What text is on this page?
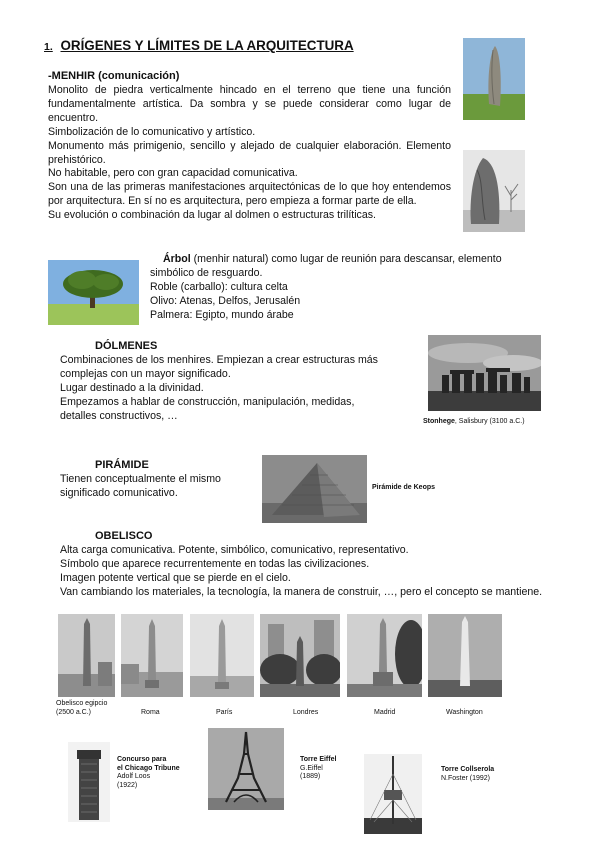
1. ORÍGENES Y LÍMITES DE LA ARQUITECTURA
-MENHIR (comunicación)

Monolito de piedra verticalmente hincado en el terreno que tiene una función fundamentalmente artística. Da sombra y se puede considerar como lugar de encuentro.

Simbolización de lo comunicativo y artístico.

Monumento más primigenio, sencillo y alejado de cualquier elaboración. Elemento prehistórico.

No habitable, pero con gran capacidad comunicativa.

Son una de las primeras manifestaciones arquitectónicas de lo que hoy entendemos por arquitectura. En sí no es arquitectura, pero empieza a formar parte de ella.

Su evolución o combinación da lugar al dolmen o estructuras trilíticas.

Árbol (menhir natural) como lugar de reunión para descansar, elemento simbólico de resguardo.

Roble (carballo): cultura celta

Olivo: Atenas, Delfos, Jerusalén

Palmera: Egipto, mundo árabe

DÓLMENES

Combinaciones de los menhires. Empiezan a crear estructuras más complejas con un mayor significado.

Lugar destinado a la divinidad.

Empezamos a hablar de construcción, manipulación, medidas, detalles constructivos, …	Stonhege, Salisbury (3100 a.C.)
PIRÁMIDE

Tienen conceptualmente el mismo significado comunicativo.	Pirámide de Keops
OBELISCO

Alta carga comunicativa. Potente, simbólico, comunicativo, representativo.

Símbolo que aparece recurrentemente en todas las civilizaciones.

Imagen potente vertical que se pierde en el cielo.

Van cambiando los materiales, la tecnología, la manera de construir, …, pero el concepto se mantiene.

Obelisco egipcio
(2500 a.C.)	Roma	París	Londres	Madrid	Washington
Concurso para
el Chicago Tribune
Adolf Loos
(1922)
Torre Eiffel
G.Eiffel
(1889)
Torre Collserola
N.Foster (1992)
